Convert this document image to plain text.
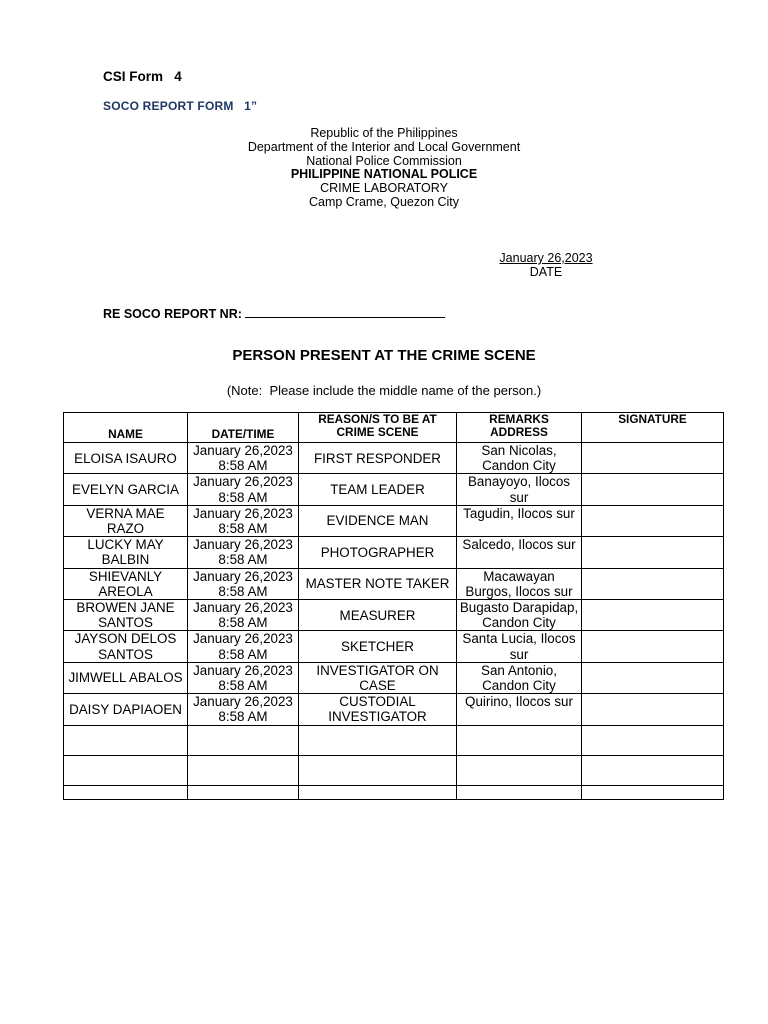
CSI Form   4
SOCO REPORT FORM   1”
Republic of the Philippines
Department of the Interior and Local Government
National Police Commission
PHILIPPINE NATIONAL POLICE
CRIME LABORATORY
Camp Crame, Quezon City
January 26,2023
DATE
RE SOCO REPORT NR:
PERSON PRESENT AT THE CRIME SCENE
(Note:  Please include the middle name of the person.)
NAME	DATE/TIME	REASON/S TO BE AT CRIME SCENE	REMARKS ADDRESS	SIGNATURE
ELOISA ISAURO	January 26,2023 8:58 AM	FIRST RESPONDER	San Nicolas, Candon City	
EVELYN GARCIA	January 26,2023 8:58 AM	TEAM LEADER	Banayoyo, Ilocos sur	
VERNA MAE RAZO	January 26,2023 8:58 AM	EVIDENCE MAN	Tagudin, Ilocos sur	
LUCKY MAY BALBIN	January 26,2023 8:58 AM	PHOTOGRAPHER	Salcedo, Ilocos sur	
SHIEVANLY AREOLA	January 26,2023 8:58 AM	MASTER NOTE TAKER	Macawayan Burgos, Ilocos sur	
BROWEN JANE SANTOS	January 26,2023 8:58 AM	MEASURER	Bugasto Darapidap, Candon City	
JAYSON DELOS SANTOS	January 26,2023 8:58 AM	SKETCHER	Santa Lucia, Ilocos sur	
JIMWELL ABALOS	January 26,2023 8:58 AM	INVESTIGATOR ON CASE	San Antonio, Candon City	
DAISY DAPIAOEN	January 26,2023 8:58 AM	CUSTODIAL INVESTIGATOR	Quirino, Ilocos sur	
